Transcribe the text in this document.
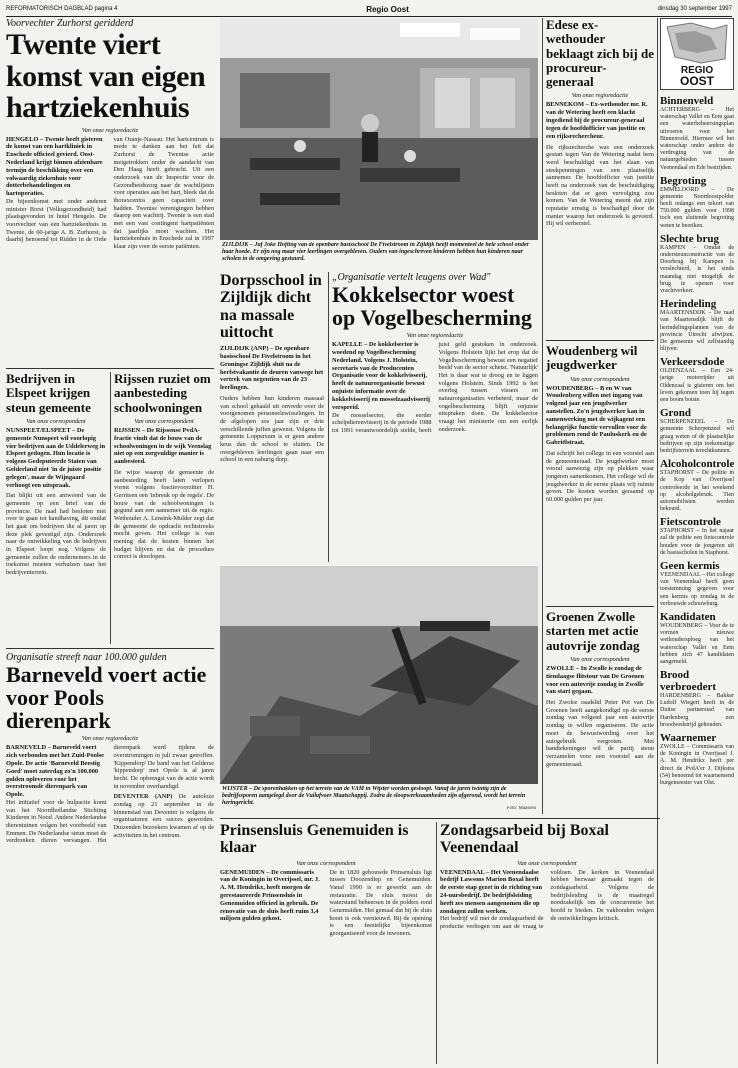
REFORMATORISCH DAGBLAD pagina 4	Regio Oost	dinsdag 30 september 1997
Voorvechter Zurhorst geridderd
Twente viert komst van eigen hartziekenhuis
Van onze regioredactie
HENGELO – Twente heeft gisteren de komst van een hartkliniek in Enschede officieel gevierd. Oost-Nederland krijgt binnen afzienbare termijn de beschikking over een volwaardig ziekenhuis voor dotterbehandelingen en hartoperaties.
De bijeenkomst met onder anderen minister Borst (Volksgezondheid) had plaatsgevonden in hotel Hengelo. De voorvechter van een hartziekenhuis in Twente, de 60-jarige A. B. Zurhorst, is daarbij benoemd tot Ridder in de Orde van Oranje-Nassau. Het hartcentrum is mede te danken aan het feit dat Zurhorst de Twentse actie meigetrokken onder de aandacht van Den Haag heeft gebracht. Uit een onderzoek van de Inspectie voor de Gezondheidszorg naar de wachtlijsten voor operaties aan het hart, bleek dat de thoraxcentra geen capaciteit over hadden. Twentse verenigingen hebben daarop een wachtrij. Twente is een stad met een vast contingent hartpatiënten dat jaarlijks moet wachten. Het hartziekenhuis in Enschede zal in 1997 klaar zijn voor de eerste patiënten.
Bedrijven in Elspeet krijgen steun gemeente
Van onze correspondent
NUNSPEET/ELSPEET – De gemeente Nunspeet wil voorlopig vier bedrijven aan de Uddelerweg in Elspeet gedogen. Hun locatie is volgens Gedeputeerde Staten van Gelderland niet 'in de juiste positie gelegen', maar de Wijngaard verhoogt een uitspraak.
Dat blijkt uit een antwoord van de gemeente op een brief van de provincie. De raad had besloten niet over te gaan tot handhaving, dit omdat het gaat om bedrijven die al jaren op deze plek gevestigd zijn. Onderzoek naar de ontwikkeling van de bedrijven in Elspeet loopt nog. Volgens de gemeente zullen de ondernemers in de toekomst moeten verhuizen naar het bedrijventerrein.
Rijssen ruziet om aanbesteding schoolwoningen
Van onze correspondent
RIJSSEN – De Rijssense PvdA-fractie vindt dat de bouw van de schoolwoningen in de wijk Veenslag niet op een zorgvuldige manier is aanbesteed.
De wijze waarop de gemeente de aanbesteding heeft laten verlopen vormt volgens fractievoorzitter H. Gerritsen een 'inbreuk op de regels'. De bouw van de schoolwoningen is gegund aan een aannemer uit de regio. Wethouder A. Lensink-Mulder zegt dat de gemeente de opdracht rechtstreeks mocht geven. Het college is van mening dat de kosten binnen het budget blijven en dat de procedure correct is doorlopen.
Organisatie streeft naar 100.000 gulden
Barneveld voert actie voor Pools dierenpark
Van onze regioredactie
BARNEVELD – Barneveld voert zich verbonden met het Zuid-Poolse Opole. De actie 'Barneveld Beestig Goed' moet zaterdag zo'n 100.000 gulden opleveren voor het overstroomde dierenpark van Opole.
Het initiatief voor de hulpactie komt van het Noordhollandse Stichting Kinderen in Nood. Andere Nederlandse dierentuinen volgen het voorbeeld van Emmen. De Nederlandse steun moet de verdronken dieren vervangen. Het dierenpark werd tijdens de overstromingen in juli zwaar getroffen. 'Kippendorp' De band van het Gelderse 'kippendorp' met Opole is al jaren hecht. De opbrengst van de actie wordt in november overhandigd.
DEVENTER (ANP) De autoloze zondag op 21 september in de binnenstad van Deventer is volgens de organisatoren een succes geworden. Duizenden bezoekers kwamen af op de activiteiten in het centrum.
ZIJLDIJK – Juf Joke Hofting van de openbare basisschool De Fivelstroom in Zijldijk heeft momenteel de hele school onder haar hoede. Er zijn nog maar vier leerlingen overgebleven. Ouders van ingeschreven kinderen hebben hun kinderen naar scholen in de omgeving gestuurd.
Dorpsschool in Zijldijk dicht na massale uittocht
ZIJLDIJK (ANP) – De openbare basisschool De Fivelstroom in het Groningse Zijldijk sluit na de herfstvakantie de deuren vanwege het vertrek van negentien van de 23 leerlingen.
Ouders hebben hun kinderen massaal van school gehaald uit onvrede over de voorgenomen personeelswisselingen. In de afgelopen zes jaar zijn er drie verschillende juffen geweest. Volgens de gemeente Loppersum is er geen andere keus dan de school te sluiten. De overgebleven leerlingen gaan naar een school in een naburig dorp.
„Organisatie vertelt leugens over Wad"
Kokkelsector woest op Vogelbescherming
Van onze regioredactie
KAPELLE – De kokkelsector is woedend op Vogelbescherming Nederland. Volgens J. Holstein, secretaris van de Producenten Organisatie voor de kokkelvisserij, heeft de natuurorganisatie bewust onjuiste informatie over de kokkelvisserij en mosselzaadvisserij verspreid.
De mosselsector, die eerder schelpdierenvisserij in de periode 1988 tot 1991 verantwoordelijk stelde, heeft juist geld gestoken in onderzoek. Volgens Holstein lijkt het erop dat de Vogelbescherming bewust een negatief beeld van de sector schetst. 'Natuurlijk' Het is daar wat te droog en te liggen volgens Holstein. Sinds 1992 is het overleg tussen vissers en natuurorganisaties verbeterd, maar de vogelbescherming blijft onjuiste uitspraken doen. De kokkelsector vraagt het ministerie om een eerlijk onderzoek.
WIJSTER – De sporenhakken op het terrein van de VAM in Wijster worden gesloopt. Vanaf de jaren twintig zijn de bedrijfssporen aangelegd door de Vuilafvoer Maatschappij. Zodra de sloopwerkzaamheden zijn afgerond, wordt het terrein heringericht.
Foto: Maassen
Prinsensluis Genemuiden is klaar
Van onze correspondent
GENEMUIDEN – De commissaris van de Koningin in Overijssel, mr. J. A. M. Hendrikx, heeft morgen de gerestaureerde Prinsensluis in Genemuiden officieel in gebruik. De renovatie van de sluis heeft ruim 3,4 miljoen gulden gekost.
De in 1820 gebouwde Prinsensluis ligt tussen Doozendiep en Genemuiden. Vanaf 1990 is er gewerkt aan de restauratie. De sluis moest de waterstand beheersen in de polders rond Genemuiden. Het gemaal dat bij de sluis hoort is ook vernieuwd. Bij de opening is een feestelijke bijeenkomst georganiseerd voor de inwoners.
Zondagsarbeid bij Boxal Veenendaal
Van onze correspondent
VEENENDAAL – Het Veenendaalse bedrijf Lawsons Marion Boxal heeft de eerste stap gezet in de richting van 24-uursbedrijf. De bedrijfsleiding heeft zes mensen aangenomen die op zondagen zullen werken.
Het bedrijf wil met de zondagsarbeid de productie verhogen om aan de vraag te voldoen. De kerken in Veenendaal hebben bezwaar gemaakt tegen de zondagsarbeid. Volgens de bedrijfsleiding is de maatregel noodzakelijk om de concurrentie het hoofd te bieden. De vakbonden volgen de ontwikkelingen kritisch.
Edese ex-wethouder beklaagt zich bij de procureur-generaal
Van onze regioredactie
BENNEKOM – Ex-wethouder mr. R. van de Wetering heeft een klacht ingediend bij de procureur-generaal tegen de hoofdofficier van justitie en een rijksrechercheur.
De rijksrecherche was een onderzoek gestart tegen Van de Wetering nadat hem werd beschuldigd van het slaan van steekpenningen van een plaatselijk aannemer. De hoofdofficier van justitie heeft na onderzoek van de beschuldiging besloten dat er geen vervolging zou komen. Van de Wetering meent dat zijn reputatie ernstig is beschadigd door de manier waarop het onderzoek is gevoerd. Hij wil eerherstel.
Woudenberg wil jeugdwerker
Van onze correspondent
WOUDENBERG – B en W van Woudenberg willen met ingang van volgend jaar een jeugdwerker aanstellen. Zo'n jeugdwerker kan in samenwerking met de wijkagent een belangrijke functie vervullen voor de problemen rond de Pauluskerk en de Gabriëlstraat.
Dat schrijft het college in een voorstel aan de gemeenteraad. De jeugdwerker moet vooral aanwezig zijn op plekken waar jongeren samenkomen. Het college wil de jeugdwerker in de eerste plaats vrij ruimte geven. De kosten worden geraamd op 60.000 gulden per jaar.
Groenen Zwolle starten met actie autovrije zondag
Van onze correspondent
ZWOLLE – In Zwolle is zondag de tiendaagse flitstour van De Groenen voor een autovrije zondag in Zwolle van start gegaan.
Het Zwolse raadslid Peter Pot van De Groenen heeft aangekondigd op de eerste zondag van volgend jaar een autovrije zondag te willen organiseren. De actie moet de bewustwording over het autogebruik vergroten. Met handtekeningen wil de partij steun verzamelen voor een voorstel aan de gemeenteraad.
REGIO
OOST
Binnenveld
ACHTERBERG – Het waterschap Vallei en Eem gaat een waterbeheersingsplan uitvoeren voor het Binnenveld. Hiermee wil het waterschap onder andere de verdroging van de natuurgebieden tussen Veenendaal en Ede bestrijden.
Begroting
EMMELOORD – De gemeente Noordoostpolder heeft onlangs een tekort van 750.000 gulden voor 1998 toch een sluitende begroting weten te bereiken.
Slechte brug
KAMPEN – Omdat de ondersteunconstructie van de Doorbrug bij Kampen is verslechterd, is het sinds maandag niet mogelijk de brug te openen voor vrachtverkeer.
Herindeling
MAARTENSDIJK – De raad van Maartensdijk blijft de herindelingsplannen van de provincie Utrecht afwijzen. De gemeente wil zelfstandig blijven.
Verkeersdode
OLDENZAAL – Een 24-jarige motorrijder uit Oldenzaal is gisteren om het leven gekomen toen hij tegen een boom botste.
Grond
SCHERPENZEEL – De gemeente Scherpenzeel wil graag weten of de plaatselijke bedrijven op zijn toekomstige bedrijfsterrein terechtkunnen.
Alcoholcontrole
STAPHORST – De politie in de Kop van Overijssel controleerde in het weekend op alcoholgebruik. Tien automobilisten werden bekeurd.
Fietscontrole
STAPHORST – In het najaar zal de politie een fietscontrole houden voor de jongeren uit de basisscholen in Staphorst.
Geen kermis
VEENENDAAL – Het college van Veenendaal heeft geen toestemming gegeven voor een kermis op zondag in de verbouwde schouwburg.
Kandidaten
WOUDENBERG – Voor de te vormen nieuwe wethoudersploeg van het waterschap Vallei en Eem hebben zich 47 kandidaten aangemeld.
Brood verbroedert
HARDENBERG – Bakker Ludolf Wiegert heeft in de Duitse partnerstad van Hardenberg een broodwedstrijd gehouden.
Waarnemer
ZWOLLE – Commissaris van de Koningin in Overijssel J. A. M. Hendrikx heeft per direct de PvdA'er J. Dijkstra (54) benoemd tot waarnemend burgemeester van Olst.
